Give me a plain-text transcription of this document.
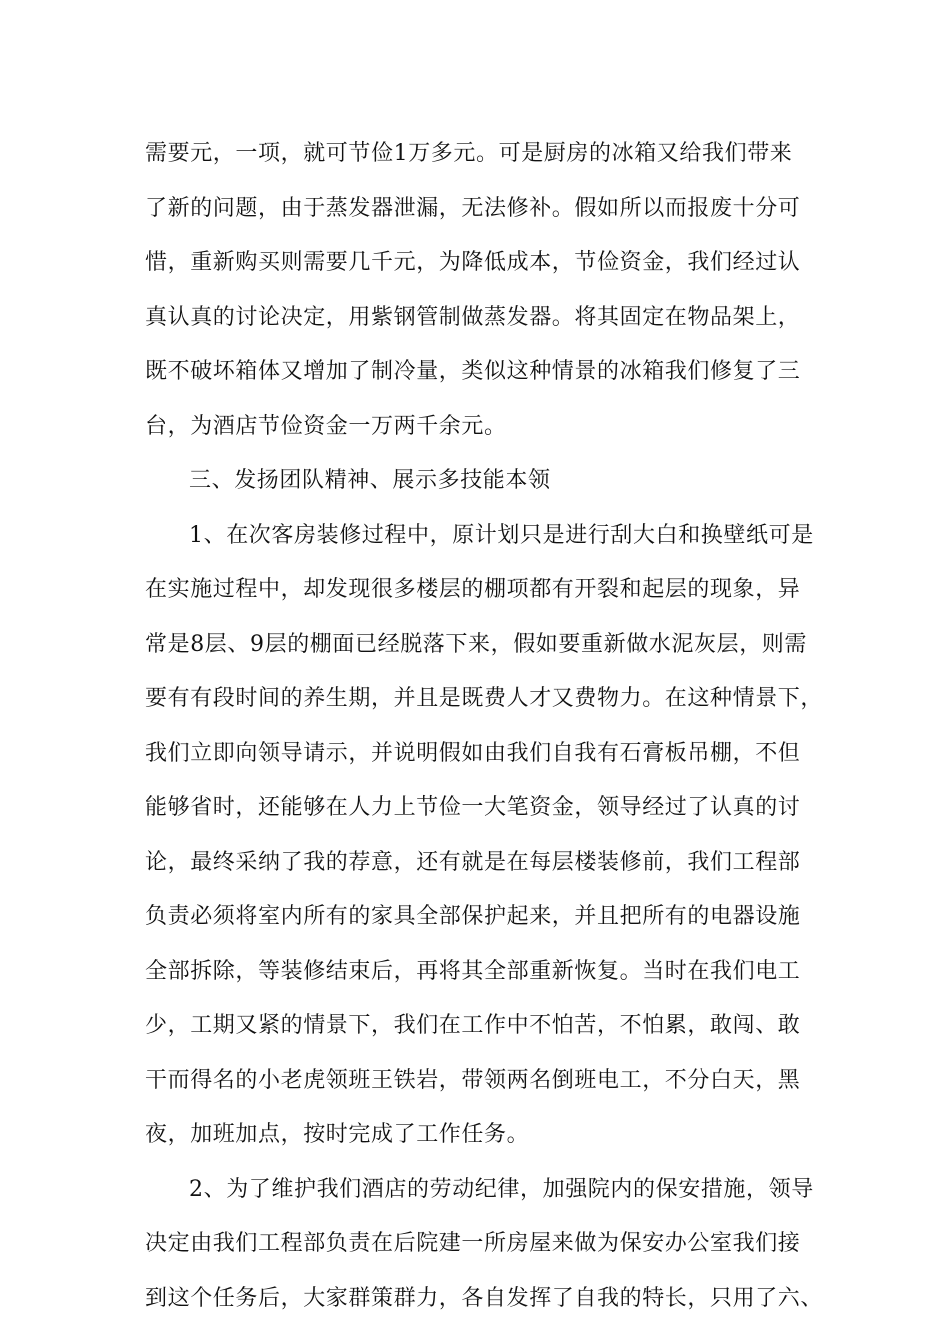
需要元，一项，就可节俭1万多元。可是厨房的冰箱又给我们带来
了新的问题，由于蒸发器泄漏，无法修补。假如所以而报废十分可
惜，重新购买则需要几千元，为降低成本，节俭资金，我们经过认
真认真的讨论决定，用紫钢管制做蒸发器。将其固定在物品架上，
既不破坏箱体又增加了制冷量，类似这种情景的冰箱我们修复了三
台，为酒店节俭资金一万两千余元。
三、发扬团队精神、展示多技能本领
1、在次客房装修过程中，原计划只是进行刮大白和换壁纸可是
在实施过程中，却发现很多楼层的棚项都有开裂和起层的现象，异
常是8层、9层的棚面已经脱落下来，假如要重新做水泥灰层，则需
要有有段时间的养生期，并且是既费人才又费物力。在这种情景下，
我们立即向领导请示，并说明假如由我们自我有石膏板吊棚，不但
能够省时，还能够在人力上节俭一大笔资金，领导经过了认真的讨
论，最终采纳了我的荐意，还有就是在每层楼装修前，我们工程部
负责必须将室内所有的家具全部保护起来，并且把所有的电器设施
全部拆除，等装修结束后，再将其全部重新恢复。当时在我们电工
少，工期又紧的情景下，我们在工作中不怕苦，不怕累，敢闯、敢
干而得名的小老虎领班王铁岩，带领两名倒班电工，不分白天，黑
夜，加班加点，按时完成了工作任务。
2、为了维护我们酒店的劳动纪律，加强院内的保安措施，领导
决定由我们工程部负责在后院建一所房屋来做为保安办公室我们接
到这个任务后，大家群策群力，各自发挥了自我的特长，只用了六、
